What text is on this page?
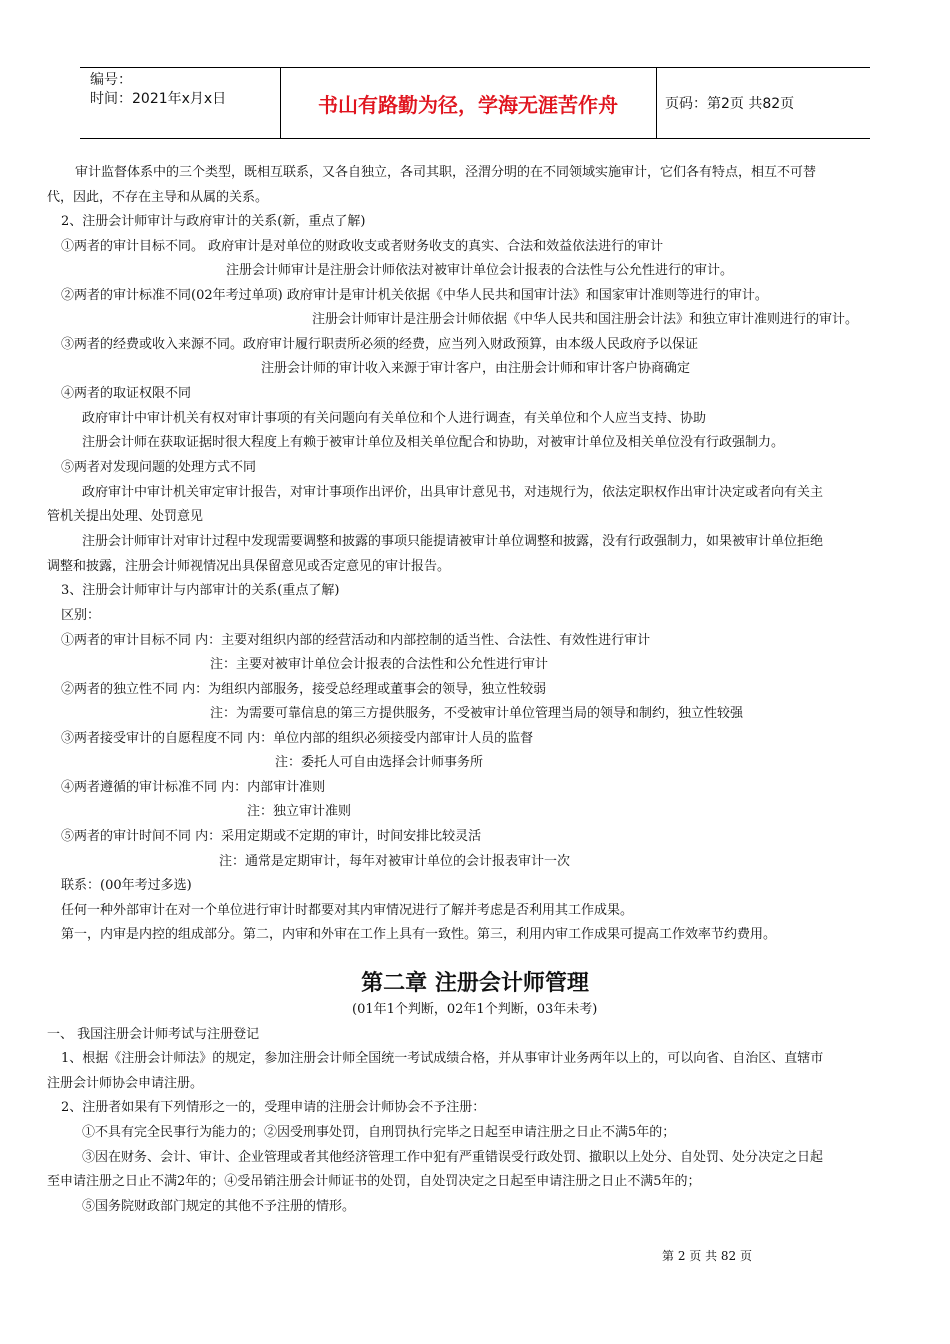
编号：
时间：2021年x月x日	书山有路勤为径，学海无涯苦作舟	页码：第2页 共82页
审计监督体系中的三个类型，既相互联系，又各自独立，各司其职，泾渭分明的在不同领域实施审计，它们各有特点，相互不可替
代，因此，不存在主导和从属的关系。
2、注册会计师审计与政府审计的关系(新，重点了解)
①两者的审计目标不同。 政府审计是对单位的财政收支或者财务收支的真实、合法和效益依法进行的审计
注册会计师审计是注册会计师依法对被审计单位会计报表的合法性与公允性进行的审计。
②两者的审计标准不同(02年考过单项) 政府审计是审计机关依据《中华人民共和国审计法》和国家审计准则等进行的审计。
注册会计师审计是注册会计师依据《中华人民共和国注册会计法》和独立审计准则进行的审计。
③两者的经费或收入来源不同。政府审计履行职责所必须的经费，应当列入财政预算，由本级人民政府予以保证
注册会计师的审计收入来源于审计客户，由注册会计师和审计客户协商确定
④两者的取证权限不同
政府审计中审计机关有权对审计事项的有关问题向有关单位和个人进行调查，有关单位和个人应当支持、协助
注册会计师在获取证据时很大程度上有赖于被审计单位及相关单位配合和协助，对被审计单位及相关单位没有行政强制力。
⑤两者对发现问题的处理方式不同
政府审计中审计机关审定审计报告，对审计事项作出评价，出具审计意见书，对违规行为，依法定职权作出审计决定或者向有关主
管机关提出处理、处罚意见
注册会计师审计对审计过程中发现需要调整和披露的事项只能提请被审计单位调整和披露，没有行政强制力，如果被审计单位拒绝
调整和披露，注册会计师视情况出具保留意见或否定意见的审计报告。
3、注册会计师审计与内部审计的关系(重点了解)
区别：
①两者的审计目标不同 内：主要对组织内部的经营活动和内部控制的适当性、合法性、有效性进行审计
注：主要对被审计单位会计报表的合法性和公允性进行审计
②两者的独立性不同 内：为组织内部服务，接受总经理或董事会的领导，独立性较弱
注：为需要可靠信息的第三方提供服务，不受被审计单位管理当局的领导和制约，独立性较强
③两者接受审计的自愿程度不同 内：单位内部的组织必须接受内部审计人员的监督
注：委托人可自由选择会计师事务所
④两者遵循的审计标准不同 内：内部审计准则
注：独立审计准则
⑤两者的审计时间不同 内：采用定期或不定期的审计，时间安排比较灵活
注：通常是定期审计，每年对被审计单位的会计报表审计一次
联系：(00年考过多选)
任何一种外部审计在对一个单位进行审计时都要对其内审情况进行了解并考虑是否利用其工作成果。
第一，内审是内控的组成部分。第二，内审和外审在工作上具有一致性。第三，利用内审工作成果可提高工作效率节约费用。
第二章 注册会计师管理
(01年1个判断，02年1个判断，03年未考)
一、 我国注册会计师考试与注册登记
1、根据《注册会计师法》的规定，参加注册会计师全国统一考试成绩合格，并从事审计业务两年以上的，可以向省、自治区、直辖市
注册会计师协会申请注册。
2、注册者如果有下列情形之一的，受理申请的注册会计师协会不予注册：
①不具有完全民事行为能力的；②因受刑事处罚，自刑罚执行完毕之日起至申请注册之日止不满5年的；
③因在财务、会计、审计、企业管理或者其他经济管理工作中犯有严重错误受行政处罚、撤职以上处分、自处罚、处分决定之日起
至申请注册之日止不满2年的；④受吊销注册会计师证书的处罚，自处罚决定之日起至申请注册之日止不满5年的；
⑤国务院财政部门规定的其他不予注册的情形。
第 2 页 共 82 页
